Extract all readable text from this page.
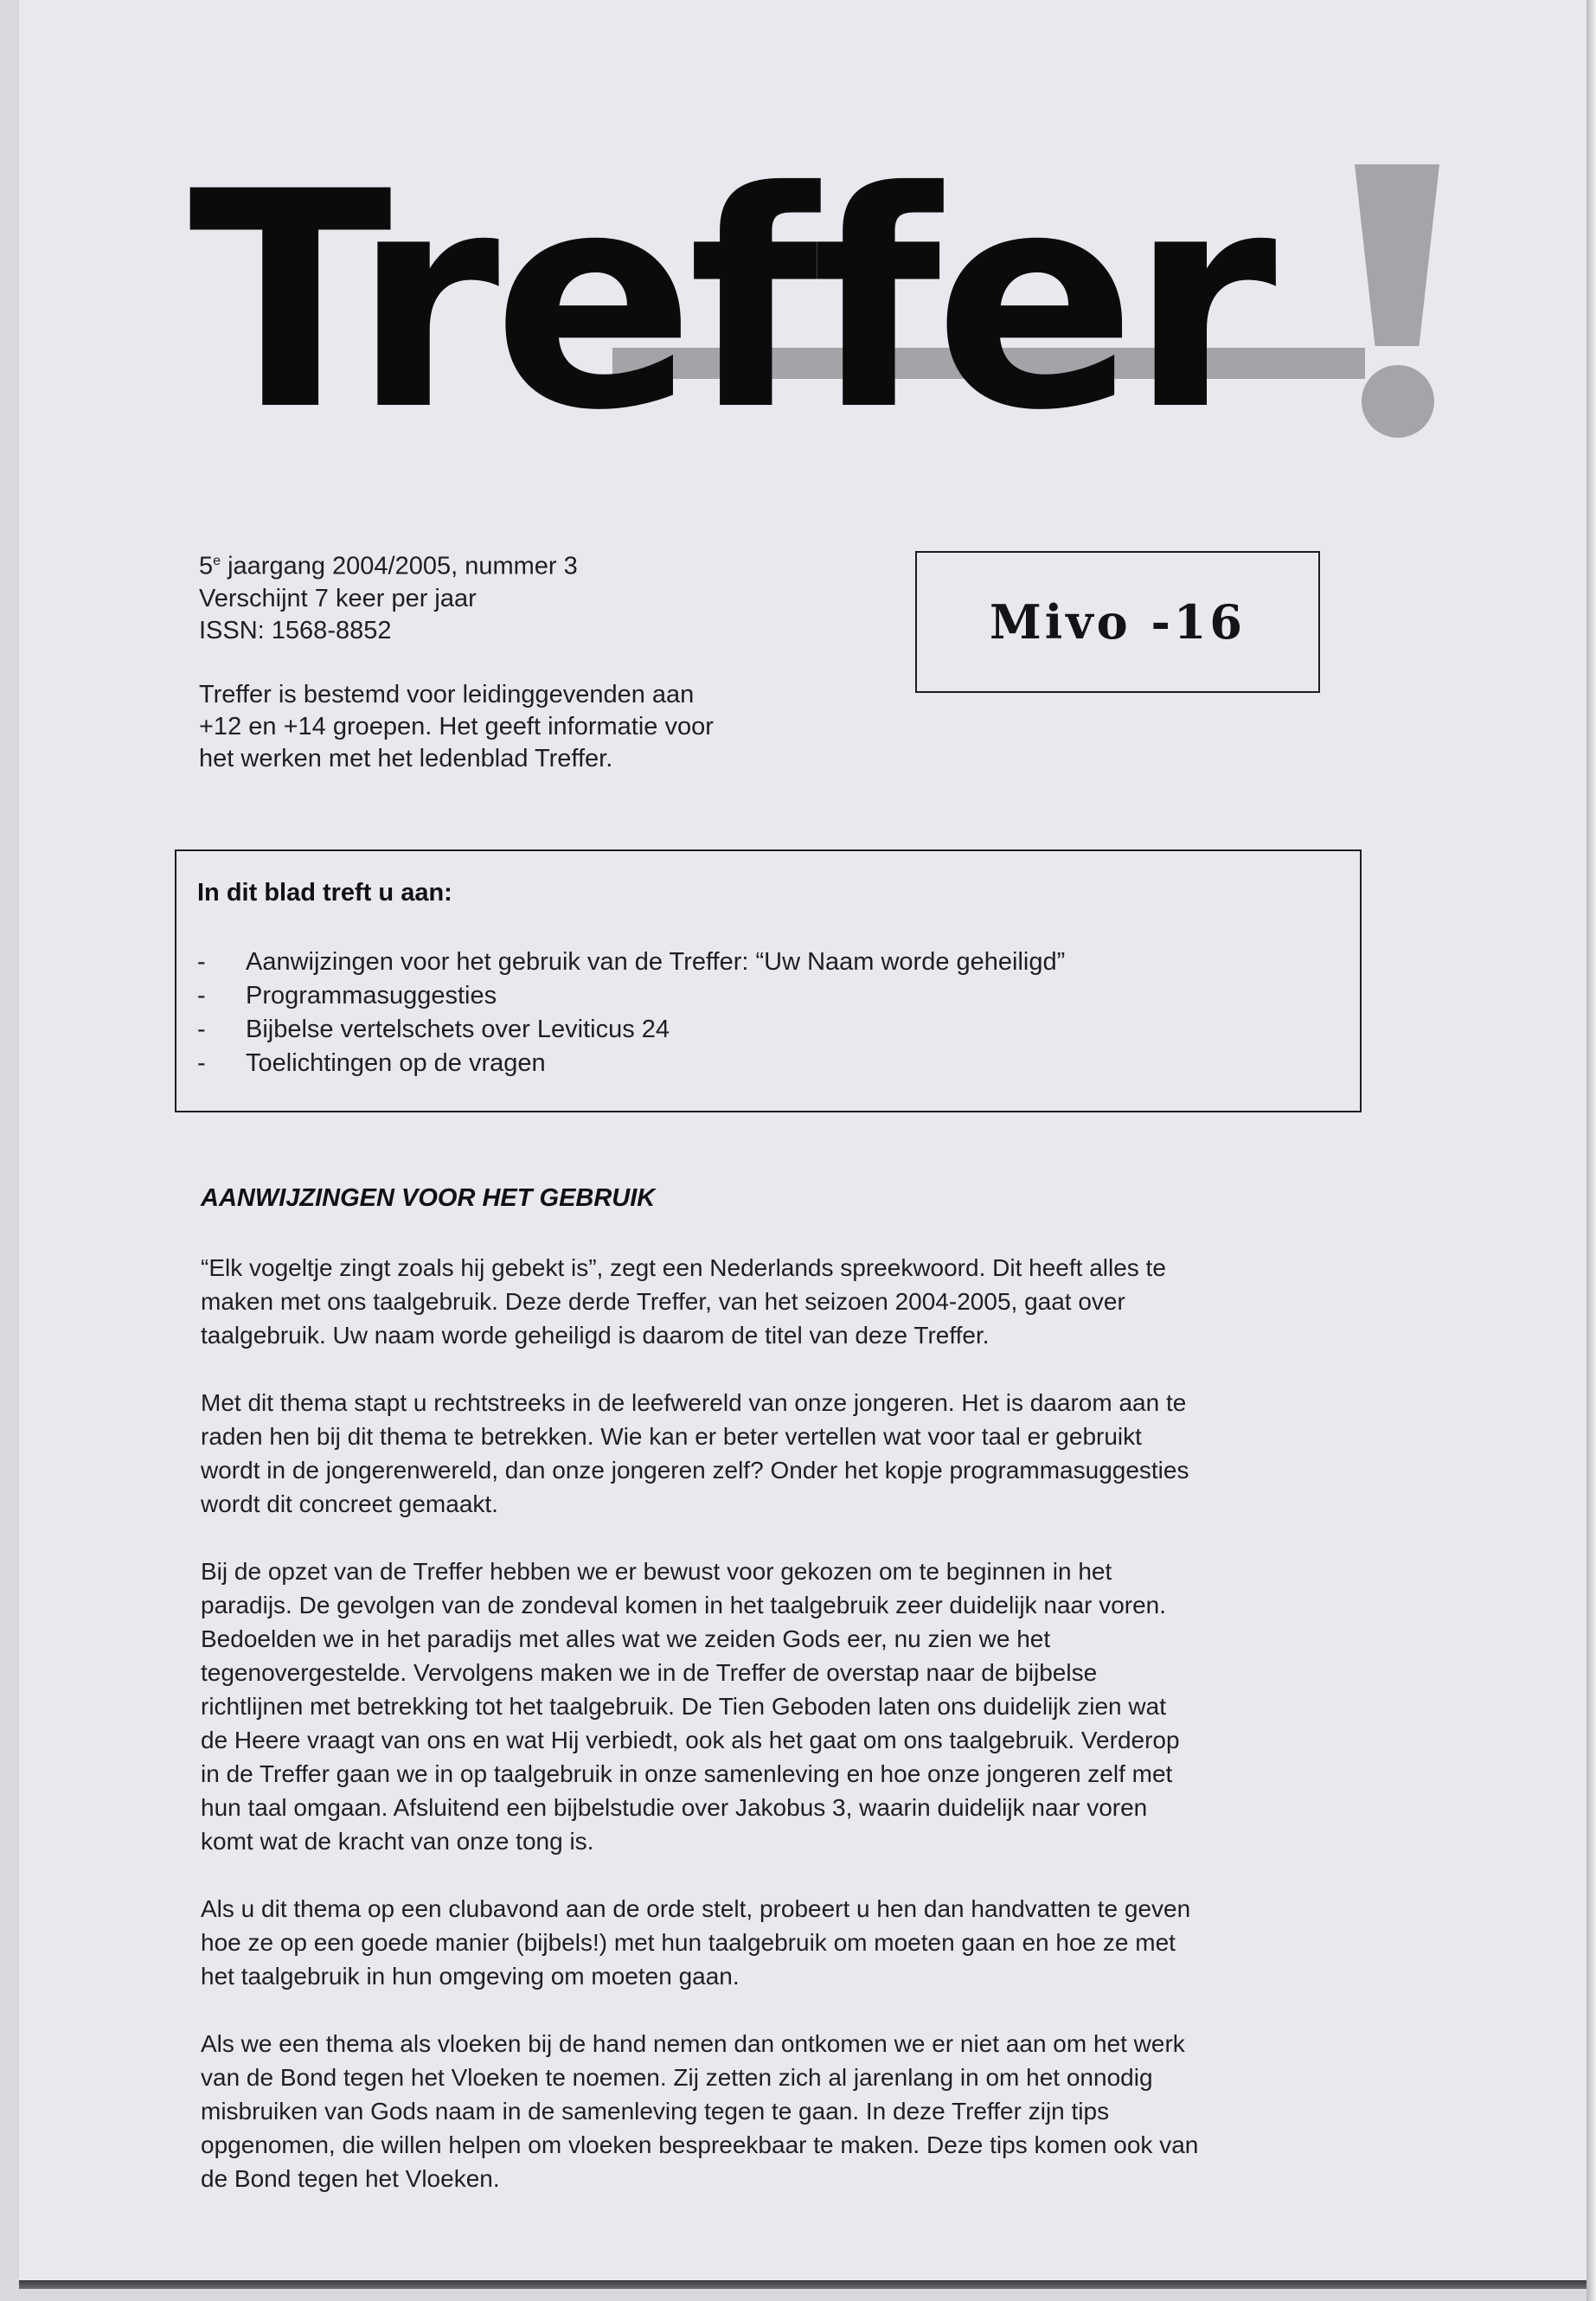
Treffer

5e jaargang 2004/2005, nummer 3

Verschijnt 7 keer per jaar

ISSN: 1568-8852

Treffer is bestemd voor leidinggevenden aan
+12 en +14 groepen. Het geeft informatie voor
het werken met het ledenblad Treffer.

Mivo -16

In dit blad treft u aan:

- Aanwijzingen voor het gebruik van de Treffer: “Uw Naam worde geheiligd”
- Programmasuggesties
- Bijbelse vertelschets over Leviticus 24
- Toelichtingen op de vragen
AANWIJZINGEN VOOR HET GEBRUIK

“Elk vogeltje zingt zoals hij gebekt is”, zegt een Nederlands spreekwoord. Dit heeft alles te
maken met ons taalgebruik. Deze derde Treffer, van het seizoen 2004-2005, gaat over
taalgebruik. Uw naam worde geheiligd is daarom de titel van deze Treffer.

Met dit thema stapt u rechtstreeks in de leefwereld van onze jongeren. Het is daarom aan te
raden hen bij dit thema te betrekken. Wie kan er beter vertellen wat voor taal er gebruikt
wordt in de jongerenwereld, dan onze jongeren zelf? Onder het kopje programmasuggesties
wordt dit concreet gemaakt.

Bij de opzet van de Treffer hebben we er bewust voor gekozen om te beginnen in het
paradijs. De gevolgen van de zondeval komen in het taalgebruik zeer duidelijk naar voren.
Bedoelden we in het paradijs met alles wat we zeiden Gods eer, nu zien we het
tegenovergestelde. Vervolgens maken we in de Treffer de overstap naar de bijbelse
richtlijnen met betrekking tot het taalgebruik. De Tien Geboden laten ons duidelijk zien wat
de Heere vraagt van ons en wat Hij verbiedt, ook als het gaat om ons taalgebruik. Verderop
in de Treffer gaan we in op taalgebruik in onze samenleving en hoe onze jongeren zelf met
hun taal omgaan. Afsluitend een bijbelstudie over Jakobus 3, waarin duidelijk naar voren
komt wat de kracht van onze tong is.

Als u dit thema op een clubavond aan de orde stelt, probeert u hen dan handvatten te geven
hoe ze op een goede manier (bijbels!) met hun taalgebruik om moeten gaan en hoe ze met
het taalgebruik in hun omgeving om moeten gaan.

Als we een thema als vloeken bij de hand nemen dan ontkomen we er niet aan om het werk
van de Bond tegen het Vloeken te noemen. Zij zetten zich al jarenlang in om het onnodig
misbruiken van Gods naam in de samenleving tegen te gaan. In deze Treffer zijn tips
opgenomen, die willen helpen om vloeken bespreekbaar te maken. Deze tips komen ook van
de Bond tegen het Vloeken.
